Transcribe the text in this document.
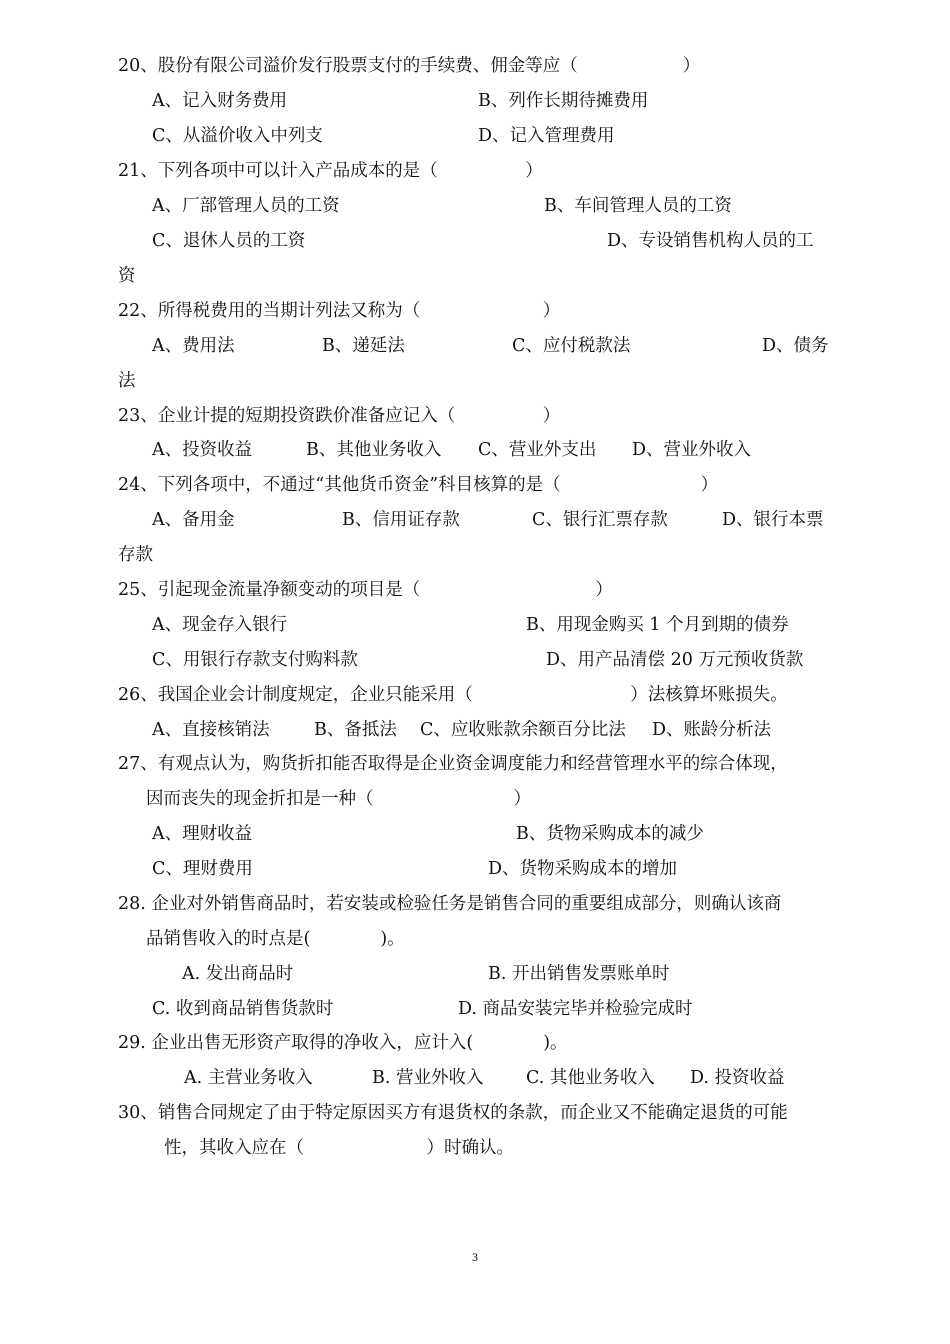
20、股份有限公司溢价发行股票支付的手续费、佣金等应（　　　　　　）
A、记入财务费用	B、列作长期待摊费用
C、从溢价收入中列支	D、记入管理费用
21、下列各项中可以计入产品成本的是（　　　　　）
A、厂部管理人员的工资	B、车间管理人员的工资
C、退休人员的工资	D、专设销售机构人员的工
资
22、所得税费用的当期计列法又称为（　　　　　　　）
A、费用法	B、递延法	C、应付税款法	D、债务
法
23、企业计提的短期投资跌价准备应记入（　　　　　）
A、投资收益	B、其他业务收入 C、营业外支出 D、营业外收入
24、下列各项中，不通过“其他货币资金”科目核算的是（　　　　　　　　）
A、备用金	B、信用证存款	C、银行汇票存款	D、银行本票
存款
25、引起现金流量净额变动的项目是（　　　　　　　　　　）
A、现金存入银行	B、用现金购买 1 个月到期的债券
C、用银行存款支付购料款	D、用产品清偿 20 万元预收货款
26、我国企业会计制度规定，企业只能采用（　　　　　　　　　）法核算坏账损失。
A、直接核销法	B、备抵法 C、应收账款余额百分比法 D、账龄分析法
27、有观点认为，购货折扣能否取得是企业资金调度能力和经营管理水平的综合体现，
因而丧失的现金折扣是一种（　　　　　　　　）
A、理财收益	B、货物采购成本的减少
C、理财费用	D、货物采购成本的增加
28. 企业对外销售商品时，若安装或检验任务是销售合同的重要组成部分，则确认该商
品销售收入的时点是(　　　　)。
A. 发出商品时	B. 开出销售发票账单时
C. 收到商品销售货款时	D. 商品安装完毕并检验完成时
29. 企业出售无形资产取得的净收入，应计入(　　　　)。
A. 主营业务收入	B. 营业外收入 C. 其他业务收入 D. 投资收益
30、销售合同规定了由于特定原因买方有退货权的条款，而企业又不能确定退货的可能
性，其收入应在（　　　　　　　）时确认。
3
